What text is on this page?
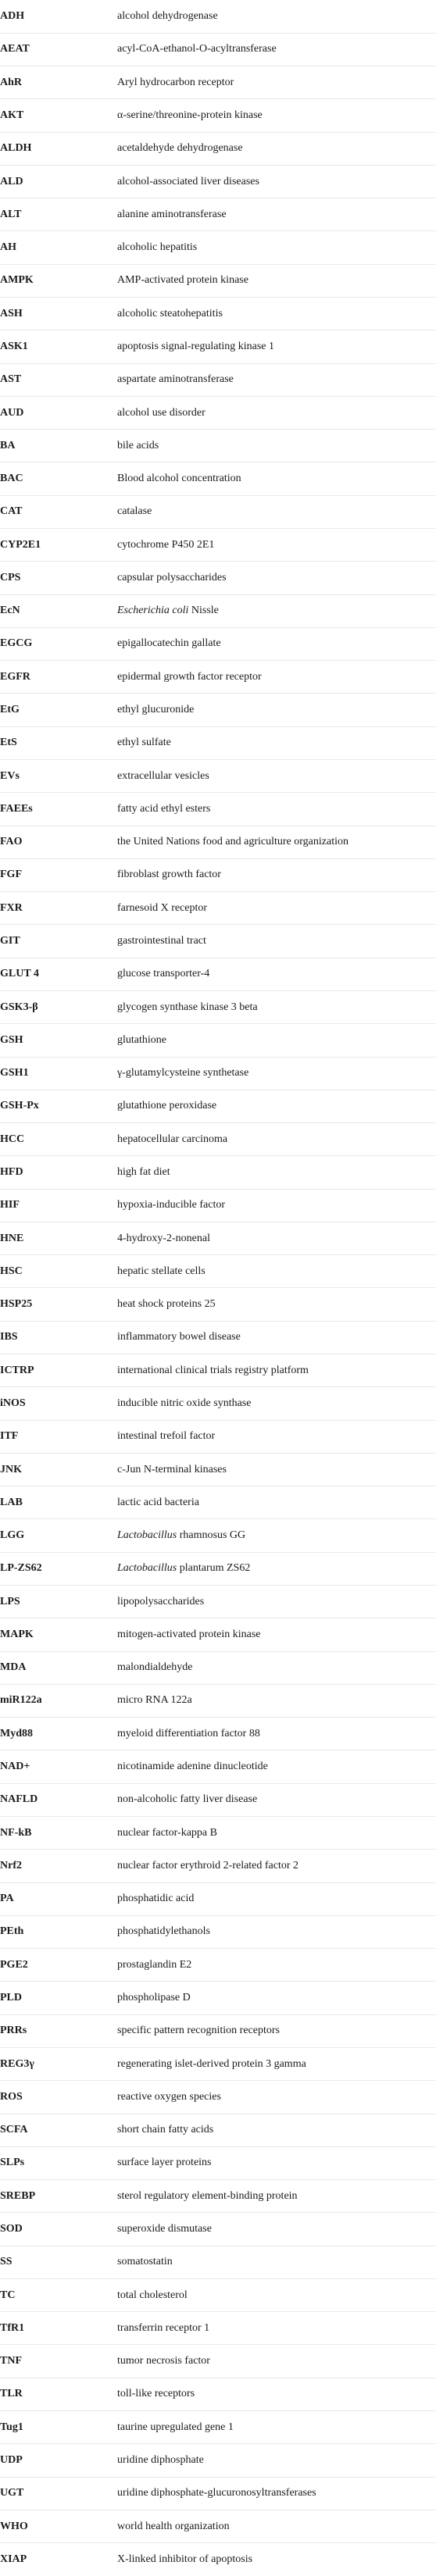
ADH	alcohol dehydrogenase
AEAT	acyl-CoA-ethanol-O-acyltransferase
AhR	Aryl hydrocarbon receptor
AKT	α-serine/threonine-protein kinase
ALDH	acetaldehyde dehydrogenase
ALD	alcohol-associated liver diseases
ALT	alanine aminotransferase
AH	alcoholic hepatitis
AMPK	AMP-activated protein kinase
ASH	alcoholic steatohepatitis
ASK1	apoptosis signal-regulating kinase 1
AST	aspartate aminotransferase
AUD	alcohol use disorder
BA	bile acids
BAC	Blood alcohol concentration
CAT	catalase
CYP2E1	cytochrome P450 2E1
CPS	capsular polysaccharides
EcN	Escherichia coli Nissle
EGCG	epigallocatechin gallate
EGFR	epidermal growth factor receptor
EtG	ethyl glucuronide
EtS	ethyl sulfate
EVs	extracellular vesicles
FAEEs	fatty acid ethyl esters
FAO	the United Nations food and agriculture organization
FGF	fibroblast growth factor
FXR	farnesoid X receptor
GIT	gastrointestinal tract
GLUT 4	glucose transporter-4
GSK3-β	glycogen synthase kinase 3 beta
GSH	glutathione
GSH1	γ-glutamylcysteine synthetase
GSH-Px	glutathione peroxidase
HCC	hepatocellular carcinoma
HFD	high fat diet
HIF	hypoxia-inducible factor
HNE	4-hydroxy-2-nonenal
HSC	hepatic stellate cells
HSP25	heat shock proteins 25
IBS	inflammatory bowel disease
ICTRP	international clinical trials registry platform
iNOS	inducible nitric oxide synthase
ITF	intestinal trefoil factor
JNK	c-Jun N-terminal kinases
LAB	lactic acid bacteria
LGG	Lactobacillus rhamnosus GG
LP-ZS62	Lactobacillus plantarum ZS62
LPS	lipopolysaccharides
MAPK	mitogen-activated protein kinase
MDA	malondialdehyde
miR122a	micro RNA 122a
Myd88	myeloid differentiation factor 88
NAD+	nicotinamide adenine dinucleotide
NAFLD	non-alcoholic fatty liver disease
NF-kB	nuclear factor-kappa B
Nrf2	nuclear factor erythroid 2-related factor 2
PA	phosphatidic acid
PEth	phosphatidylethanols
PGE2	prostaglandin E2
PLD	phospholipase D
PRRs	specific pattern recognition receptors
REG3γ	regenerating islet-derived protein 3 gamma
ROS	reactive oxygen species
SCFA	short chain fatty acids
SLPs	surface layer proteins
SREBP	sterol regulatory element-binding protein
SOD	superoxide dismutase
SS	somatostatin
TC	total cholesterol
TfR1	transferrin receptor 1
TNF	tumor necrosis factor
TLR	toll-like receptors
Tug1	taurine upregulated gene 1
UDP	uridine diphosphate
UGT	uridine diphosphate-glucuronosyltransferases
WHO	world health organization
XIAP	X-linked inhibitor of apoptosis
